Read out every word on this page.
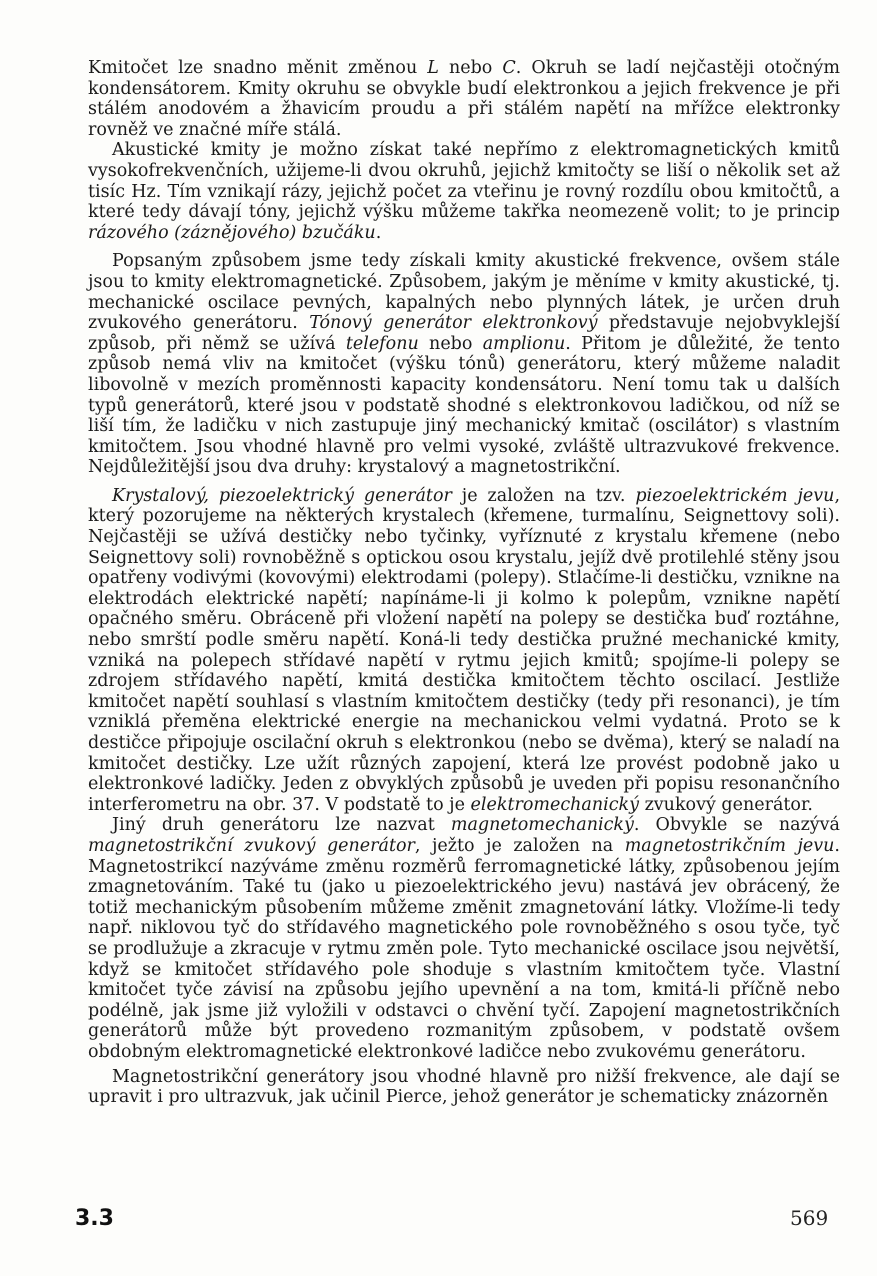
Kmitočet lze snadno měnit změnou L nebo C. Okruh se ladí nejčastěji otočným kondensátorem. Kmity okruhu se obvykle budí elektronkou a jejich frekvence je při stálém anodovém a žhavicím proudu a při stálém napětí na mřížce elektronky rovněž ve značné míře stálá.

Akustické kmity je možno získat také nepřímo z elektromagnetických kmitů vysokofrekvenčních, užijeme-li dvou okruhů, jejichž kmitočty se liší o několik set až tisíc Hz. Tím vznikají rázy, jejichž počet za vteřinu je rovný rozdílu obou kmitočtů, a které tedy dávají tóny, jejichž výšku můžeme takřka neomezeně volit; to je princip rázového (záznějového) bzučáku.

Popsaným způsobem jsme tedy získali kmity akustické frekvence, ovšem stále jsou to kmity elektromagnetické. Způsobem, jakým je měníme v kmity akustické, tj. mechanické oscilace pevných, kapalných nebo plynných látek, je určen druh zvukového generátoru. Tónový generátor elektronkový představuje nejobvyklejší způsob, při němž se užívá telefonu nebo amplionu. Přitom je důležité, že tento způsob nemá vliv na kmitočet (výšku tónů) generátoru, který můžeme naladit libovolně v mezích proměnnosti kapacity kondensátoru. Není tomu tak u dalších typů generátorů, které jsou v podstatě shodné s elektronkovou ladičkou, od níž se liší tím, že ladičku v nich zastupuje jiný mechanický kmitač (oscilátor) s vlastním kmitočtem. Jsou vhodné hlavně pro velmi vysoké, zvláště ultrazvukové frekvence. Nejdůležitější jsou dva druhy: krystalový a magnetostrikční.

Krystalový, piezoelektrický generátor je založen na tzv. piezoelektrickém jevu, který pozorujeme na některých krystalech (křemene, turmalínu, Seignettovy soli). Nejčastěji se užívá destičky nebo tyčinky, vyříznuté z krystalu křemene (nebo Seignettovy soli) rovnoběžně s optickou osou krystalu, jejíž dvě protilehlé stěny jsou opatřeny vodivými (kovovými) elektrodami (polepy). Stlačíme-li destičku, vznikne na elektrodách elektrické napětí; napínáme-li ji kolmo k polepům, vznikne napětí opačného směru. Obráceně při vložení napětí na polepy se destička buď roztáhne, nebo smrští podle směru napětí. Koná-li tedy destička pružné mechanické kmity, vzniká na polepech střídavé napětí v rytmu jejich kmitů; spojíme-li polepy se zdrojem střídavého napětí, kmitá destička kmitočtem těchto oscilací. Jestliže kmitočet napětí souhlasí s vlastním kmitočtem destičky (tedy při resonanci), je tím vzniklá přeměna elektrické energie na mechanickou velmi vydatná. Proto se k destičce připojuje oscilační okruh s elektronkou (nebo se dvěma), který se naladí na kmitočet destičky. Lze užít různých zapojení, která lze provést podobně jako u elektronkové ladičky. Jeden z obvyklých způsobů je uveden při popisu resonančního interferometru na obr. 37. V podstatě to je elektromechanický zvukový generátor.

Jiný druh generátoru lze nazvat magnetomechanický. Obvykle se nazývá magnetostrikční zvukový generátor, ježto je založen na magnetostrikčním jevu. Magnetostrikcí nazýváme změnu rozměrů ferromagnetické látky, způsobenou jejím zmagnetováním. Také tu (jako u piezoelektrického jevu) nastává jev obrácený, že totiž mechanickým působením můžeme změnit zmagnetování látky. Vložíme-li tedy např. niklovou tyč do střídavého magnetického pole rovnoběžného s osou tyče, tyč se prodlužuje a zkracuje v rytmu změn pole. Tyto mechanické oscilace jsou největší, když se kmitočet střídavého pole shoduje s vlastním kmitočtem tyče. Vlastní kmitočet tyče závisí na způsobu jejího upevnění a na tom, kmitá-li příčně nebo podélně, jak jsme již vyložili v odstavci o chvění tyčí. Zapojení magnetostrikčních generátorů může být provedeno rozmanitým způsobem, v podstatě ovšem obdobným elektromagnetické elektronkové ladičce nebo zvukovému generátoru.

Magnetostrikční generátory jsou vhodné hlavně pro nižší frekvence, ale dají se upravit i pro ultrazvuk, jak učinil Pierce, jehož generátor je schematicky znázorněn

3.3	569
